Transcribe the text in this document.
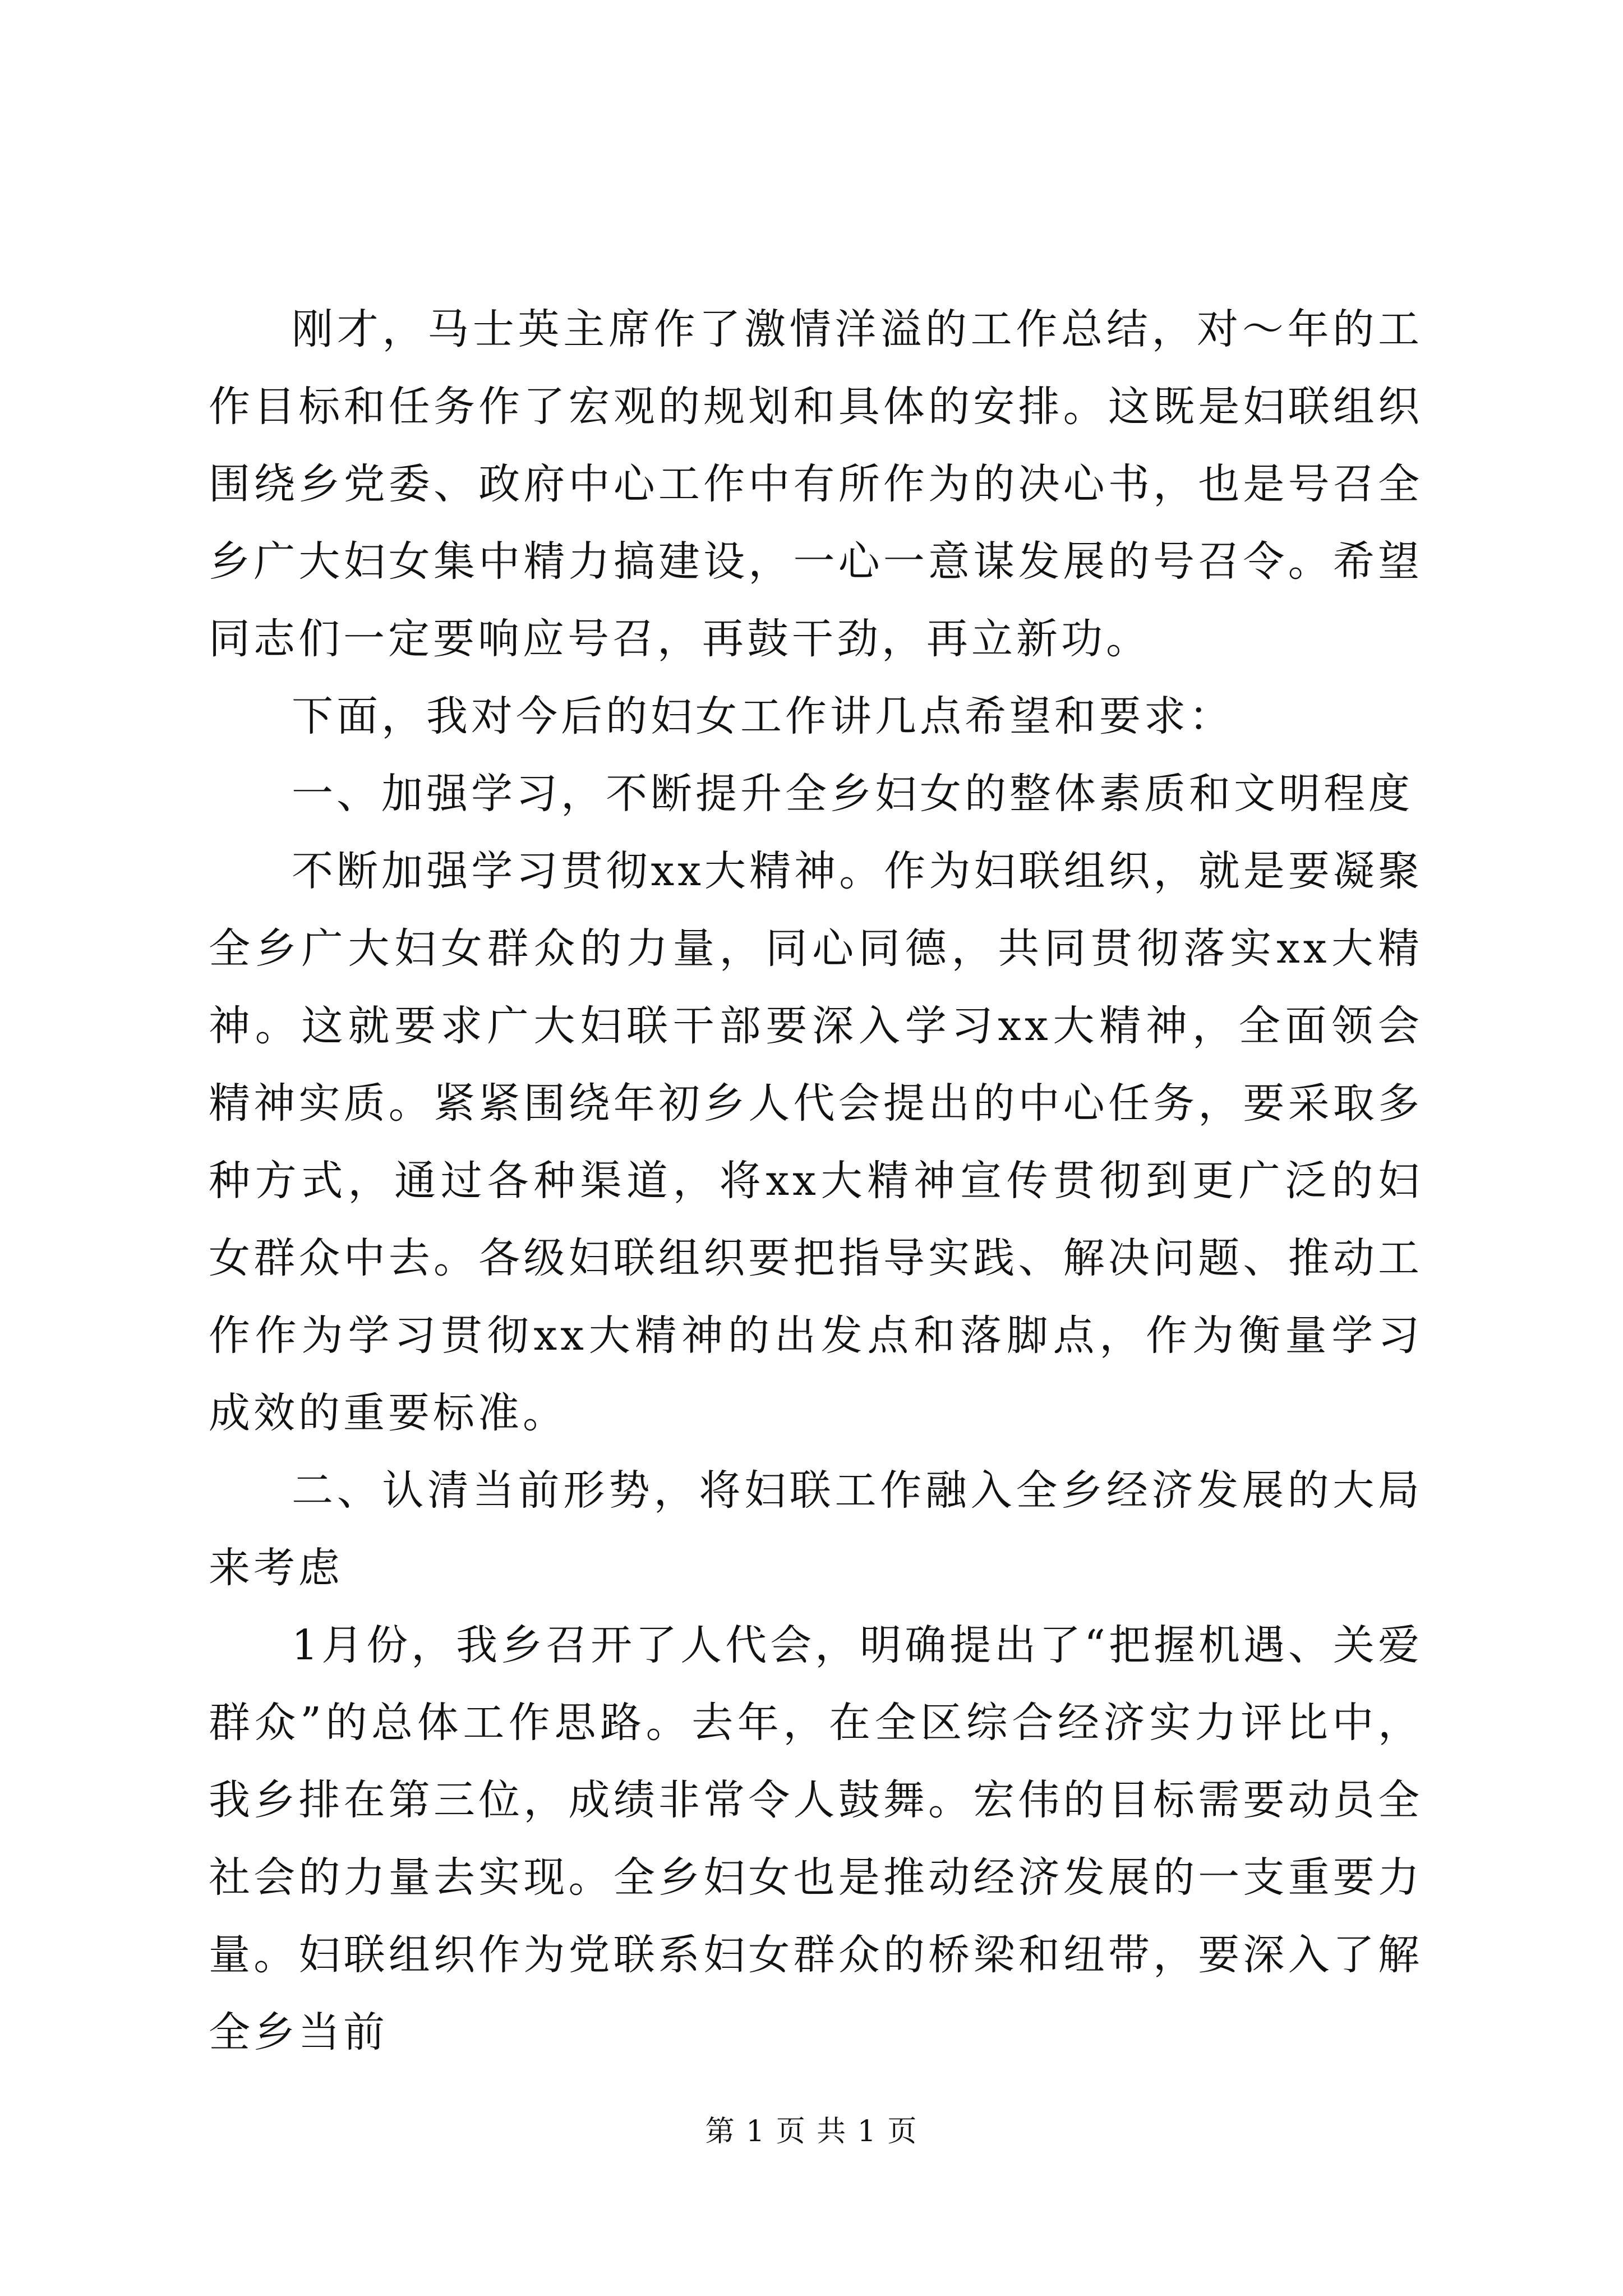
刚才，马士英主席作了激情洋溢的工作总结，对～年的工作目标和任务作了宏观的规划和具体的安排。这既是妇联组织围绕乡党委、政府中心工作中有所作为的决心书，也是号召全乡广大妇女集中精力搞建设，一心一意谋发展的号召令。希望同志们一定要响应号召，再鼓干劲，再立新功。

下面，我对今后的妇女工作讲几点希望和要求：

一、加强学习，不断提升全乡妇女的整体素质和文明程度

不断加强学习贯彻xx大精神。作为妇联组织，就是要凝聚全乡广大妇女群众的力量，同心同德，共同贯彻落实xx大精神。这就要求广大妇联干部要深入学习xx大精神，全面领会精神实质。紧紧围绕年初乡人代会提出的中心任务，要采取多种方式，通过各种渠道，将xx大精神宣传贯彻到更广泛的妇女群众中去。各级妇联组织要把指导实践、解决问题、推动工作作为学习贯彻xx大精神的出发点和落脚点，作为衡量学习成效的重要标准。

二、认清当前形势，将妇联工作融入全乡经济发展的大局来考虑

1月份，我乡召开了人代会，明确提出了“把握机遇、关爱群众”的总体工作思路。去年，在全区综合经济实力评比中，我乡排在第三位，成绩非常令人鼓舞。宏伟的目标需要动员全社会的力量去实现。全乡妇女也是推动经济发展的一支重要力量。妇联组织作为党联系妇女群众的桥梁和纽带，要深入了解全乡当前

第 1 页 共 1 页
